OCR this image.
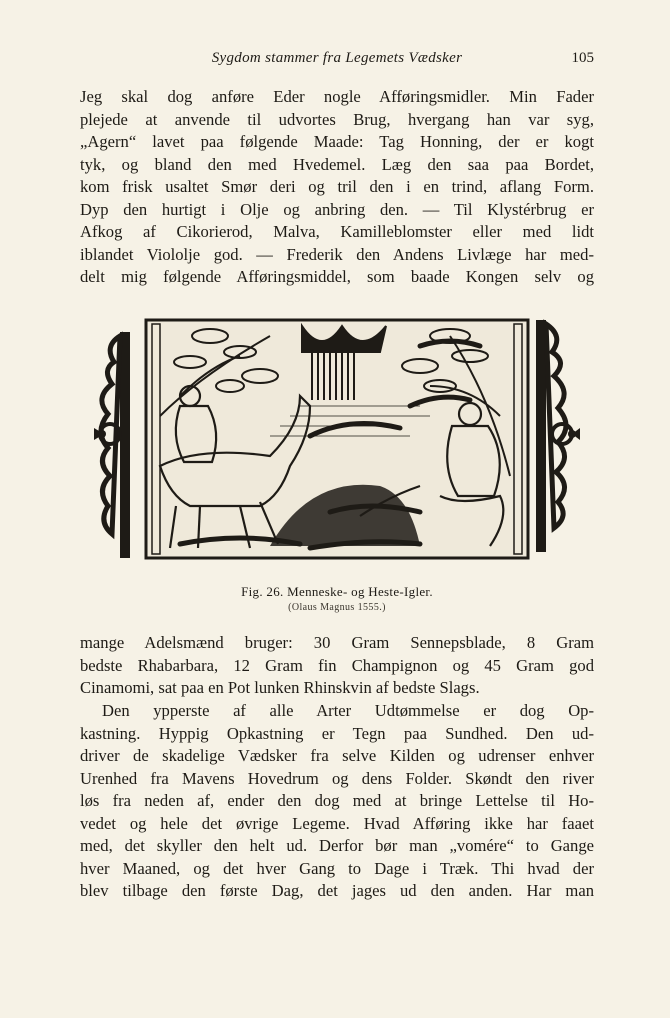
Sygdom stammer fra Legemets Vædsker	105
Jeg skal dog anføre Eder nogle Afføringsmidler. Min Fader
plejede at anvende til udvortes Brug, hvergang han var syg,
„Agern“ lavet paa følgende Maade: Tag Honning, der er kogt
tyk, og bland den med Hvedemel. Læg den saa paa Bordet,
kom frisk usaltet Smør deri og tril den i en trind, aflang Form.
Dyp den hurtigt i Olje og anbring den. — Til Klystérbrug er
Afkog af Cikorierod, Malva, Kamilleblomster eller med lidt
iblandet Viololje god. — Frederik den Andens Livlæge har med-
delt mig følgende Afføringsmiddel, som baade Kongen selv og
Fig. 26. Menneske- og Heste-Igler.
(Olaus Magnus 1555.)
mange Adelsmænd bruger: 30 Gram Sennepsblade, 8 Gram
bedste Rhabarbara, 12 Gram fin Champignon og 45 Gram god
Cinamomi, sat paa en Pot lunken Rhinskvin af bedste Slags.
Den ypperste af alle Arter Udtømmelse er dog Op-
kastning. Hyppig Opkastning er Tegn paa Sundhed. Den ud-
driver de skadelige Vædsker fra selve Kilden og udrenser enhver
Urenhed fra Mavens Hovedrum og dens Folder. Skøndt den river
løs fra neden af, ender den dog med at bringe Lettelse til Ho-
vedet og hele det øvrige Legeme. Hvad Afføring ikke har faaet
med, det skyller den helt ud. Derfor bør man „vomére“ to Gange
hver Maaned, og det hver Gang to Dage i Træk. Thi hvad der
blev tilbage den første Dag, det jages ud den anden. Har man
